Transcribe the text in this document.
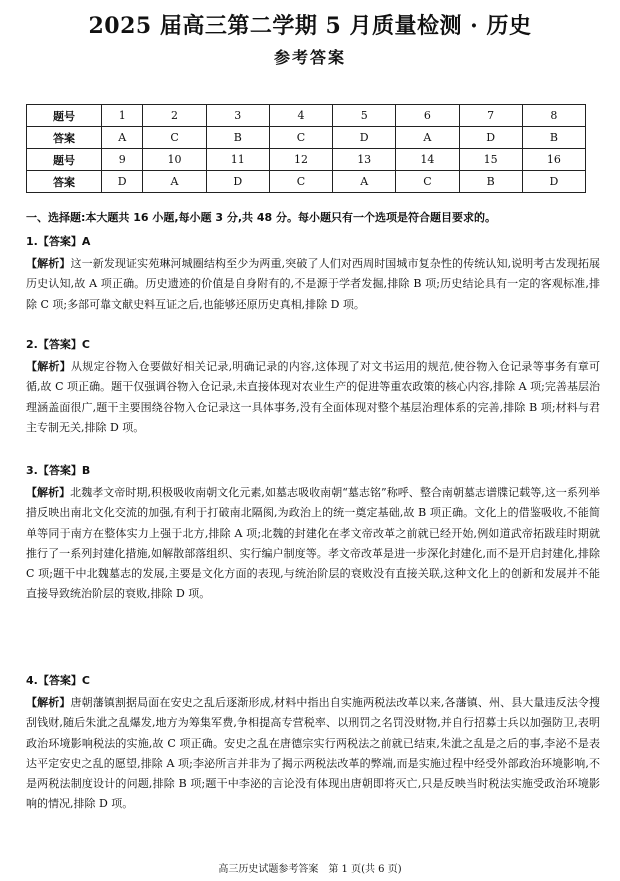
2025 届高三第二学期 5 月质量检测 · 历史
参考答案
题号	1	2	3	4	5	6	7	8
答案	A	C	B	C	D	A	D	B
题号	9	10	11	12	13	14	15	16
答案	D	A	D	C	A	C	B	D
一、选择题:本大题共 16 小题,每小题 3 分,共 48 分。每小题只有一个选项是符合题目要求的。
1.【答案】A
【解析】这一新发现证实苑琳河城圈结构至少为两重,突破了人们对西周时国城市复杂性的传统认知,说明考古发现拓展历史认知,故 A 项正确。历史遗迹的价值是自身附有的,不是源于学者发掘,排除 B 项;历史结论具有一定的客观标准,排除 C 项;多部可靠文献史料互证之后,也能够还原历史真相,排除 D 项。
2.【答案】C
【解析】从规定谷物入仓要做好相关记录,明确记录的内容,这体现了对文书运用的规范,使谷物入仓记录等事务有章可循,故 C 项正确。题干仅强调谷物入仓记录,未直接体现对农业生产的促进等重农政策的核心内容,排除 A 项;完善基层治理涵盖面很广,题干主要围绕谷物入仓记录这一具体事务,没有全面体现对整个基层治理体系的完善,排除 B 项;材料与君主专制无关,排除 D 项。
3.【答案】B
【解析】北魏孝文帝时期,积极吸收南朝文化元素,如墓志吸收南朝“墓志铭”称呼、整合南朝墓志谱牒记载等,这一系列举措反映出南北文化交流的加强,有利于打破南北隔阂,为政治上的统一奠定基础,故 B 项正确。文化上的借鉴吸收,不能简单等同于南方在整体实力上强于北方,排除 A 项;北魏的封建化在孝文帝改革之前就已经开始,例如道武帝拓跋珪时期就推行了一系列封建化措施,如解散部落组织、实行编户制度等。孝文帝改革是进一步深化封建化,而不是开启封建化,排除 C 项;题干中北魏墓志的发展,主要是文化方面的表现,与统治阶层的衰败没有直接关联,这种文化上的创新和发展并不能直接导致统治阶层的衰败,排除 D 项。
4.【答案】C
【解析】唐朝藩镇割据局面在安史之乱后逐渐形成,材料中指出自实施两税法改革以来,各藩镇、州、县大量违反法令搜刮钱财,随后朱泚之乱爆发,地方为筹集军费,争相提高专营税率、以刑罚之名罚没财物,并自行招募士兵以加强防卫,表明政治环境影响税法的实施,故 C 项正确。安史之乱在唐德宗实行两税法之前就已结束,朱泚之乱是之后的事,李泌不是表达平定安史之乱的愿望,排除 A 项;李泌所言并非为了揭示两税法改革的弊端,而是实施过程中经受外部政治环境影响,不是两税法制度设计的问题,排除 B 项;题干中李泌的言论没有体现出唐朝即将灭亡,只是反映当时税法实施受政治环境影响的情况,排除 D 项。
高三历史试题参考答案　第 1 页(共 6 页)
